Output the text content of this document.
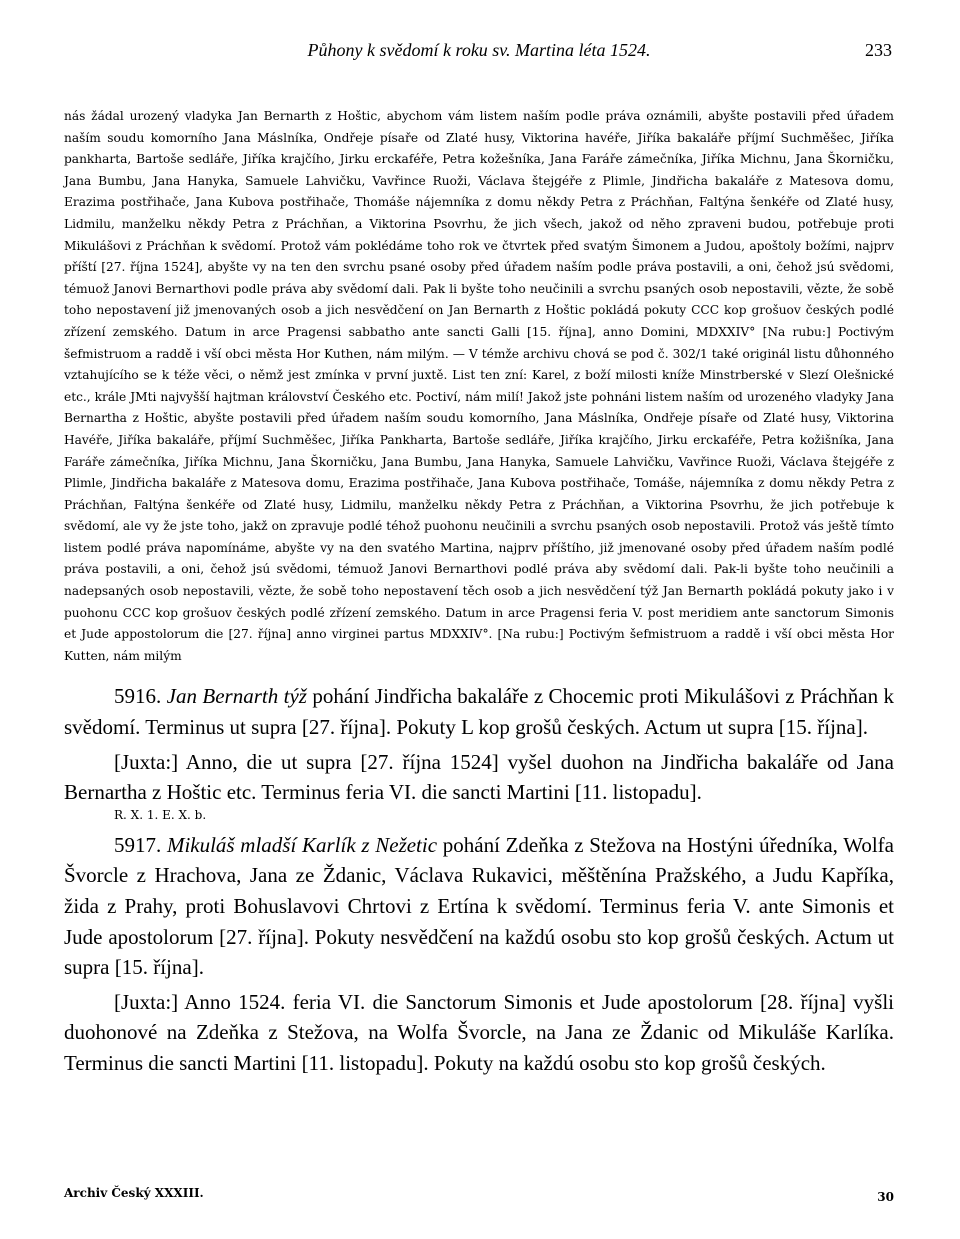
Půhony k svědomí k roku sv. Martina léta 1524.	233

nás žádal urozený vladyka Jan Bernarth z Hoštic, abychom vám listem naším podle práva oznámili, abyšte postavili před úřadem naším soudu komorního Jana Máslníka, Ondřeje písaře od Zlaté husy, Viktorina havéře, Jiříka bakaláře příjmí Suchměšec, Jiříka pankharta, Bartoše sedláře, Jiříka krajčího, Jirku erckaféře, Petra kožešníka, Jana Faráře zámečníka, Jiříka Michnu, Jana Škorničku, Jana Bumbu, Jana Hanyka, Samuele Lahvičku, Vavřince Ruoži, Václava štejgéře z Plimle, Jindřicha bakaláře z Matesova domu, Erazima postřihače, Jana Kubova postřihače, Thomáše nájemníka z domu někdy Petra z Práchňan, Faltýna šenkéře od Zlaté husy, Lidmilu, manželku někdy Petra z Práchňan, a Viktorina Psovrhu, že jich všech, jakož od něho zpraveni budou, potřebuje proti Mikulášovi z Práchňan k svědomí. Protož vám poklédáme toho rok ve čtvrtek před svatým Šimonem a Judou, apoštoly božími, najprv příští [27. října 1524], abyšte vy na ten den svrchu psané osoby před úřadem naším podle práva postavili, a oni, čehož jsú svědomi, témuož Janovi Bernarthovi podle práva aby svědomí dali. Pak li byšte toho neučinili a svrchu psaných osob nepostavili, vězte, že sobě toho nepostavení již jmenovaných osob a jich nesvědčení on Jan Bernarth z Hoštic pokládá pokuty CCC kop grošuov českých podlé zřízení zemského. Datum in arce Pragensi sabbatho ante sancti Galli [15. října], anno Domini, MDXXIV° [Na rubu:] Poctivým šefmistruom a raddě i vší obci města Hor Kuthen, nám milým. — V témže archivu chová se pod č. 302/1 také originál listu důhonného vztahujícího se k téže věci, o němž jest zmínka v první juxtě. List ten zní: Karel, z boží milosti kníže Minstrberské v Slezí Olešnické etc., krále JMti najvyšší hajtman království Českého etc. Poctiví, nám milí! Jakož jste pohnáni listem naším od urozeného vladyky Jana Bernartha z Hoštic, abyšte postavili před úřadem naším soudu komorního, Jana Máslníka, Ondřeje písaře od Zlaté husy, Viktorina Havéře, Jiříka bakaláře, příjmí Suchměšec, Jiříka Pankharta, Bartoše sedláře, Jiříka krajčího, Jirku erckaféře, Petra kožišníka, Jana Faráře zámečníka, Jiříka Michnu, Jana Škorničku, Jana Bumbu, Jana Hanyka, Samuele Lahvičku, Vavřince Ruoži, Václava štejgéře z Plimle, Jindřicha bakaláře z Matesova domu, Erazima postřihače, Jana Kubova postřihače, Tomáše, nájemníka z domu někdy Petra z Práchňan, Faltýna šenkéře od Zlaté husy, Lidmilu, manželku někdy Petra z Práchňan, a Viktorina Psovrhu, že jich potřebuje k svědomí, ale vy že jste toho, jakž on zpravuje podlé téhož puohonu neučinili a svrchu psaných osob nepostavili. Protož vás ještě tímto listem podlé práva napomínáme, abyšte vy na den svatého Martina, najprv příštího, již jmenované osoby před úřadem naším podlé práva postavili, a oni, čehož jsú svědomi, témuož Janovi Bernarthovi podlé práva aby svědomí dali. Pak-li byšte toho neučinili a nadepsaných osob nepostavili, vězte, že sobě toho nepostavení těch osob a jich nesvědčení týž Jan Bernarth pokládá pokuty jako i v puohonu CCC kop grošuov českých podlé zřízení zemského. Datum in arce Pragensi feria V. post meridiem ante sanctorum Simonis et Jude appostolorum die [27. října] anno virginei partus MDXXIV°. [Na rubu:] Poctivým šefmistruom a raddě i vší obci města Hor Kutten, nám milým

5916. Jan Bernarth týž pohání Jindřicha bakaláře z Chocemic proti Mikulášovi z Práchňan k svědomí. Terminus ut supra [27. října]. Pokuty L kop grošů českých. Actum ut supra [15. října].

[Juxta:] Anno, die ut supra [27. října 1524] vyšel duohon na Jindřicha bakaláře od Jana Bernartha z Hoštic etc. Terminus feria VI. die sancti Martini [11. listopadu].

R. X. 1. E. X. b.

5917. Mikuláš mladší Karlík z Nežetic pohání Zdeňka z Stežova na Hostýni úředníka, Wolfa Švorcle z Hrachova, Jana ze Ždanic, Václava Rukavici, měštěnína Pražského, a Judu Kapříka, žida z Prahy, proti Bohuslavovi Chrtovi z Ertína k svědomí. Terminus feria V. ante Simonis et Jude apostolorum [27. října]. Pokuty nesvědčení na každú osobu sto kop grošů českých. Actum ut supra [15. října].

[Juxta:] Anno 1524. feria VI. die Sanctorum Simonis et Jude apostolorum [28. října] vyšli duohonové na Zdeňka z Stežova, na Wolfa Švorcle, na Jana ze Ždanic od Mikuláše Karlíka. Terminus die sancti Martini [11. listopadu]. Pokuty na každú osobu sto kop grošů českých.

Archiv Český XXXIII.	30
